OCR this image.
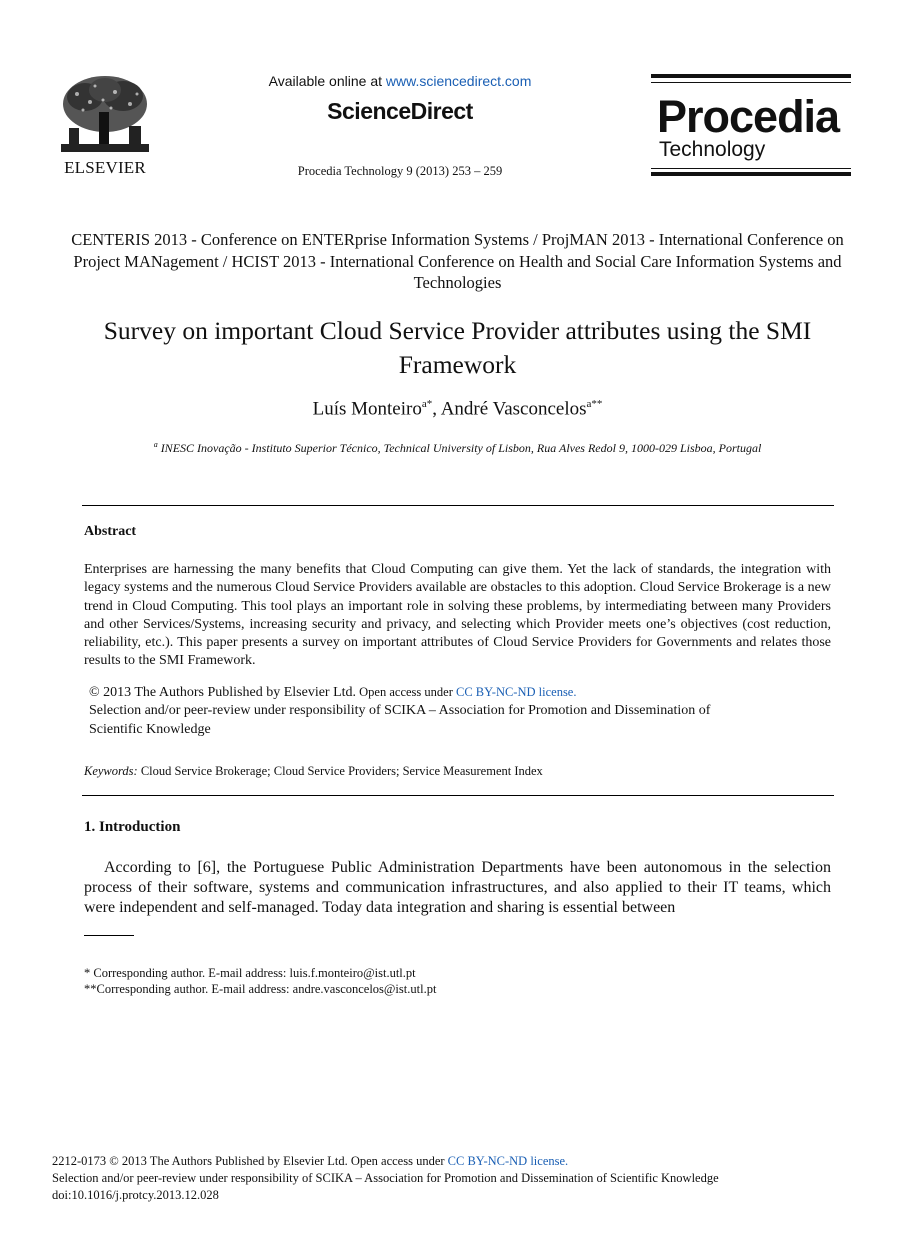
ELSEVIER
Available online at www.sciencedirect.com
ScienceDirect
Procedia Technology 9 (2013) 253 – 259
Procedia
Technology
CENTERIS 2013 - Conference on ENTERprise Information Systems / ProjMAN 2013 - International Conference on Project MANagement / HCIST 2013 - International Conference on Health and Social Care Information Systems and Technologies
Survey on important Cloud Service Provider attributes using the SMI Framework
Luís Monteiro$^{a*}$, André Vasconcelos$^{a**}$
$^a$ INESC Inovação - Instituto Superior Técnico, Technical University of Lisbon, Rua Alves Redol 9, 1000-029 Lisboa, Portugal
Abstract
Enterprises are harnessing the many benefits that Cloud Computing can give them. Yet the lack of standards, the integration with legacy systems and the numerous Cloud Service Providers available are obstacles to this adoption. Cloud Service Brokerage is a new trend in Cloud Computing. This tool plays an important role in solving these problems, by intermediating between many Providers and other Services/Systems, increasing security and privacy, and selecting which Provider meets one’s objectives (cost reduction, reliability, etc.). This paper presents a survey on important attributes of Cloud Service Providers for Governments and relates those results to the SMI Framework.
© 2013 The Authors Published by Elsevier Ltd. Open access under CC BY-NC-ND license.
Selection and/or peer-review under responsibility of SCIKA – Association for Promotion and Dissemination of
Scientific Knowledge
Keywords: Cloud Service Brokerage; Cloud Service Providers; Service Measurement Index
1. Introduction
According to [6], the Portuguese Public Administration Departments have been autonomous in the selection process of their software, systems and communication infrastructures, and also applied to their IT teams, which were independent and self-managed. Today data integration and sharing is essential between
* Corresponding author. E-mail address: luis.f.monteiro@ist.utl.pt
**Corresponding author. E-mail address: andre.vasconcelos@ist.utl.pt
2212-0173 © 2013 The Authors Published by Elsevier Ltd. Open access under CC BY-NC-ND license.
Selection and/or peer-review under responsibility of SCIKA – Association for Promotion and Dissemination of Scientific Knowledge
doi:10.1016/j.protcy.2013.12.028
